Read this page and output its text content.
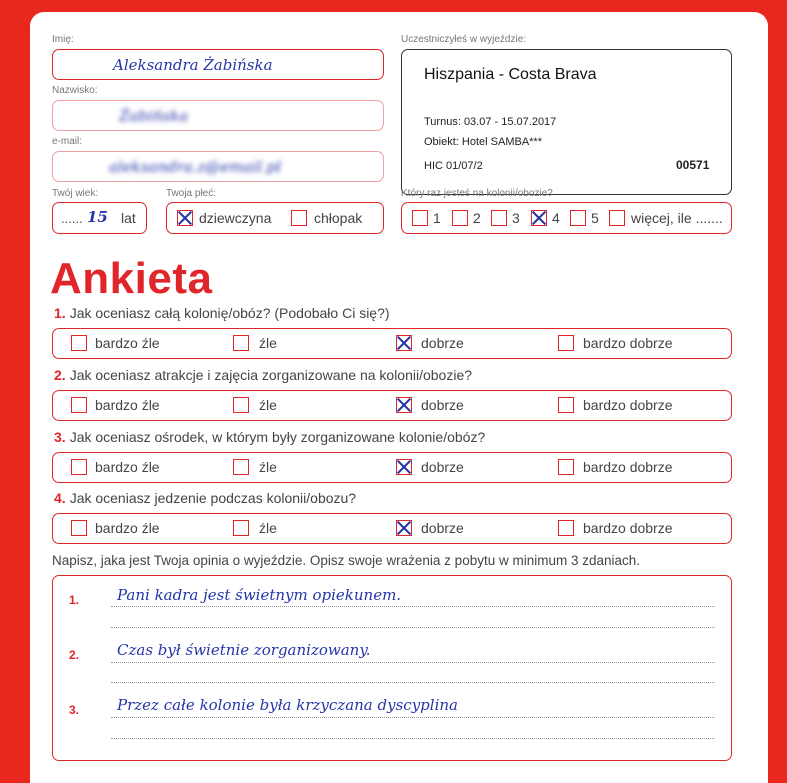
Imię:
Aleksandra Żabińska
Nazwisko:
Żabińska
e-mail:
aleksandra.z@email.pl
Twój wiek:
...... 15 lat
Twoja płeć:
dziewczyna	chłopak
Uczestniczyłeś w wyjeździe:
Hiszpania - Costa Brava
Turnus: 03.07 - 15.07.2017
Obiekt: Hotel SAMBA***
HIC 01/07/2	00571
Który raz jesteś na kolonii/obozie?
1 2 3 4 5 więcej, ile .......
Ankieta
1. Jak oceniasz całą kolonię/obóz? (Podobało Ci się?)
bardzo źle	źle	dobrze	bardzo dobrze
2. Jak oceniasz atrakcje i zajęcia zorganizowane na kolonii/obozie?
bardzo źle	źle	dobrze	bardzo dobrze
3. Jak oceniasz ośrodek, w którym były zorganizowane kolonie/obóz?
bardzo źle	źle	dobrze	bardzo dobrze
4. Jak oceniasz jedzenie podczas kolonii/obozu?
bardzo źle	źle	dobrze	bardzo dobrze
Napisz, jaka jest Twoja opinia o wyjeździe. Opisz swoje wrażenia z pobytu w minimum 3 zdaniach.
1.	Pani kadra jest świetnym opiekunem.
2.	Czas był świetnie zorganizowany.
3.	Przez całe kolonie była krzyczana dyscyplina
